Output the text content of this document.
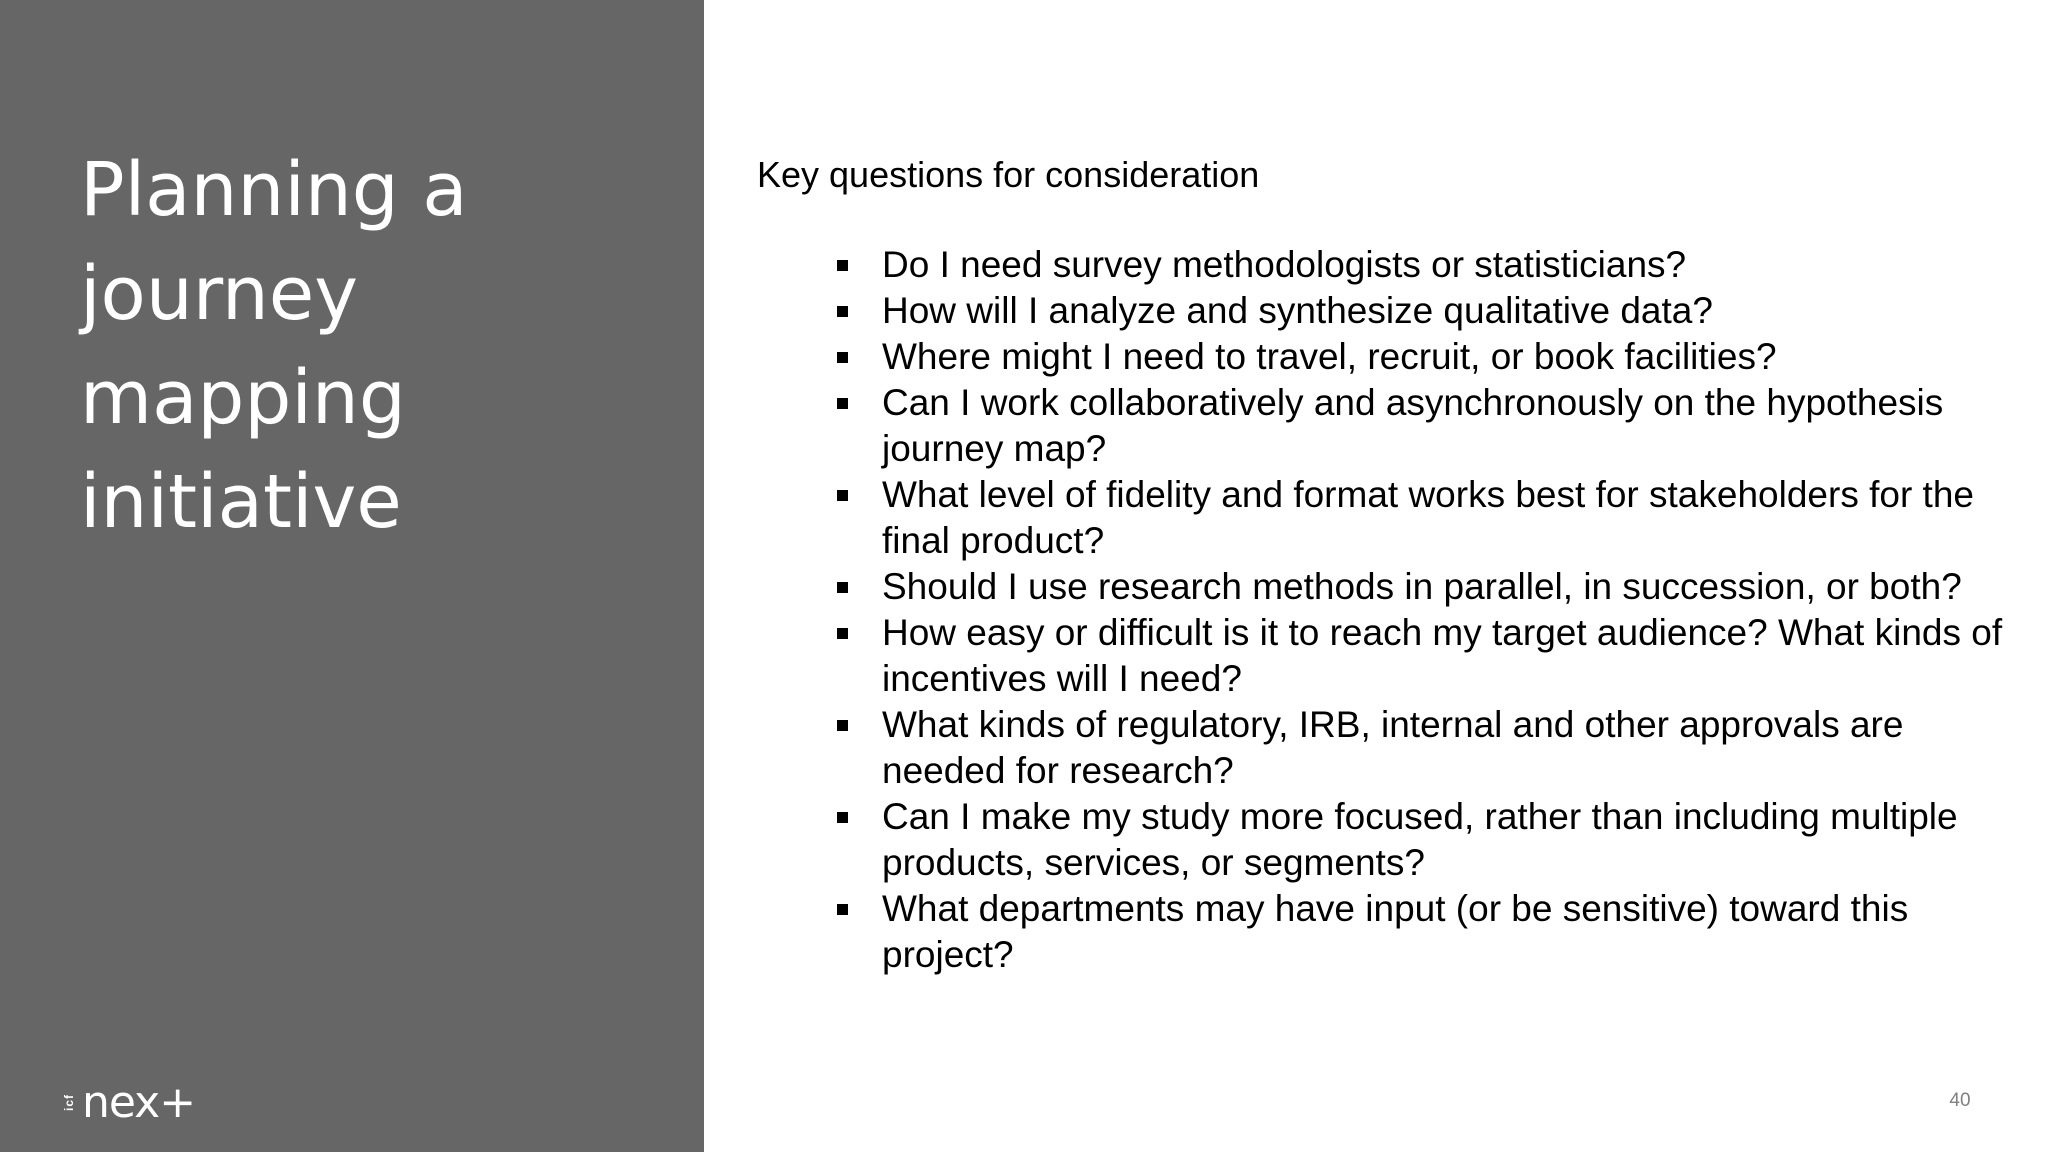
Planning a journey mapping initiative
icf nex+

Key questions for consideration

Do I need survey methodologists or statisticians?
How will I analyze and synthesize qualitative data?
Where might I need to travel, recruit, or book facilities?
Can I work collaboratively and asynchronously on the hypothesis journey map?
What level of fidelity and format works best for stakeholders for the final product?
Should I use research methods in parallel, in succession, or both?
How easy or difficult is it to reach my target audience? What kinds of incentives will I need?
What kinds of regulatory, IRB, internal and other approvals are needed for research?
Can I make my study more focused, rather than including multiple products, services, or segments?
What departments may have input (or be sensitive) toward this project?
40
